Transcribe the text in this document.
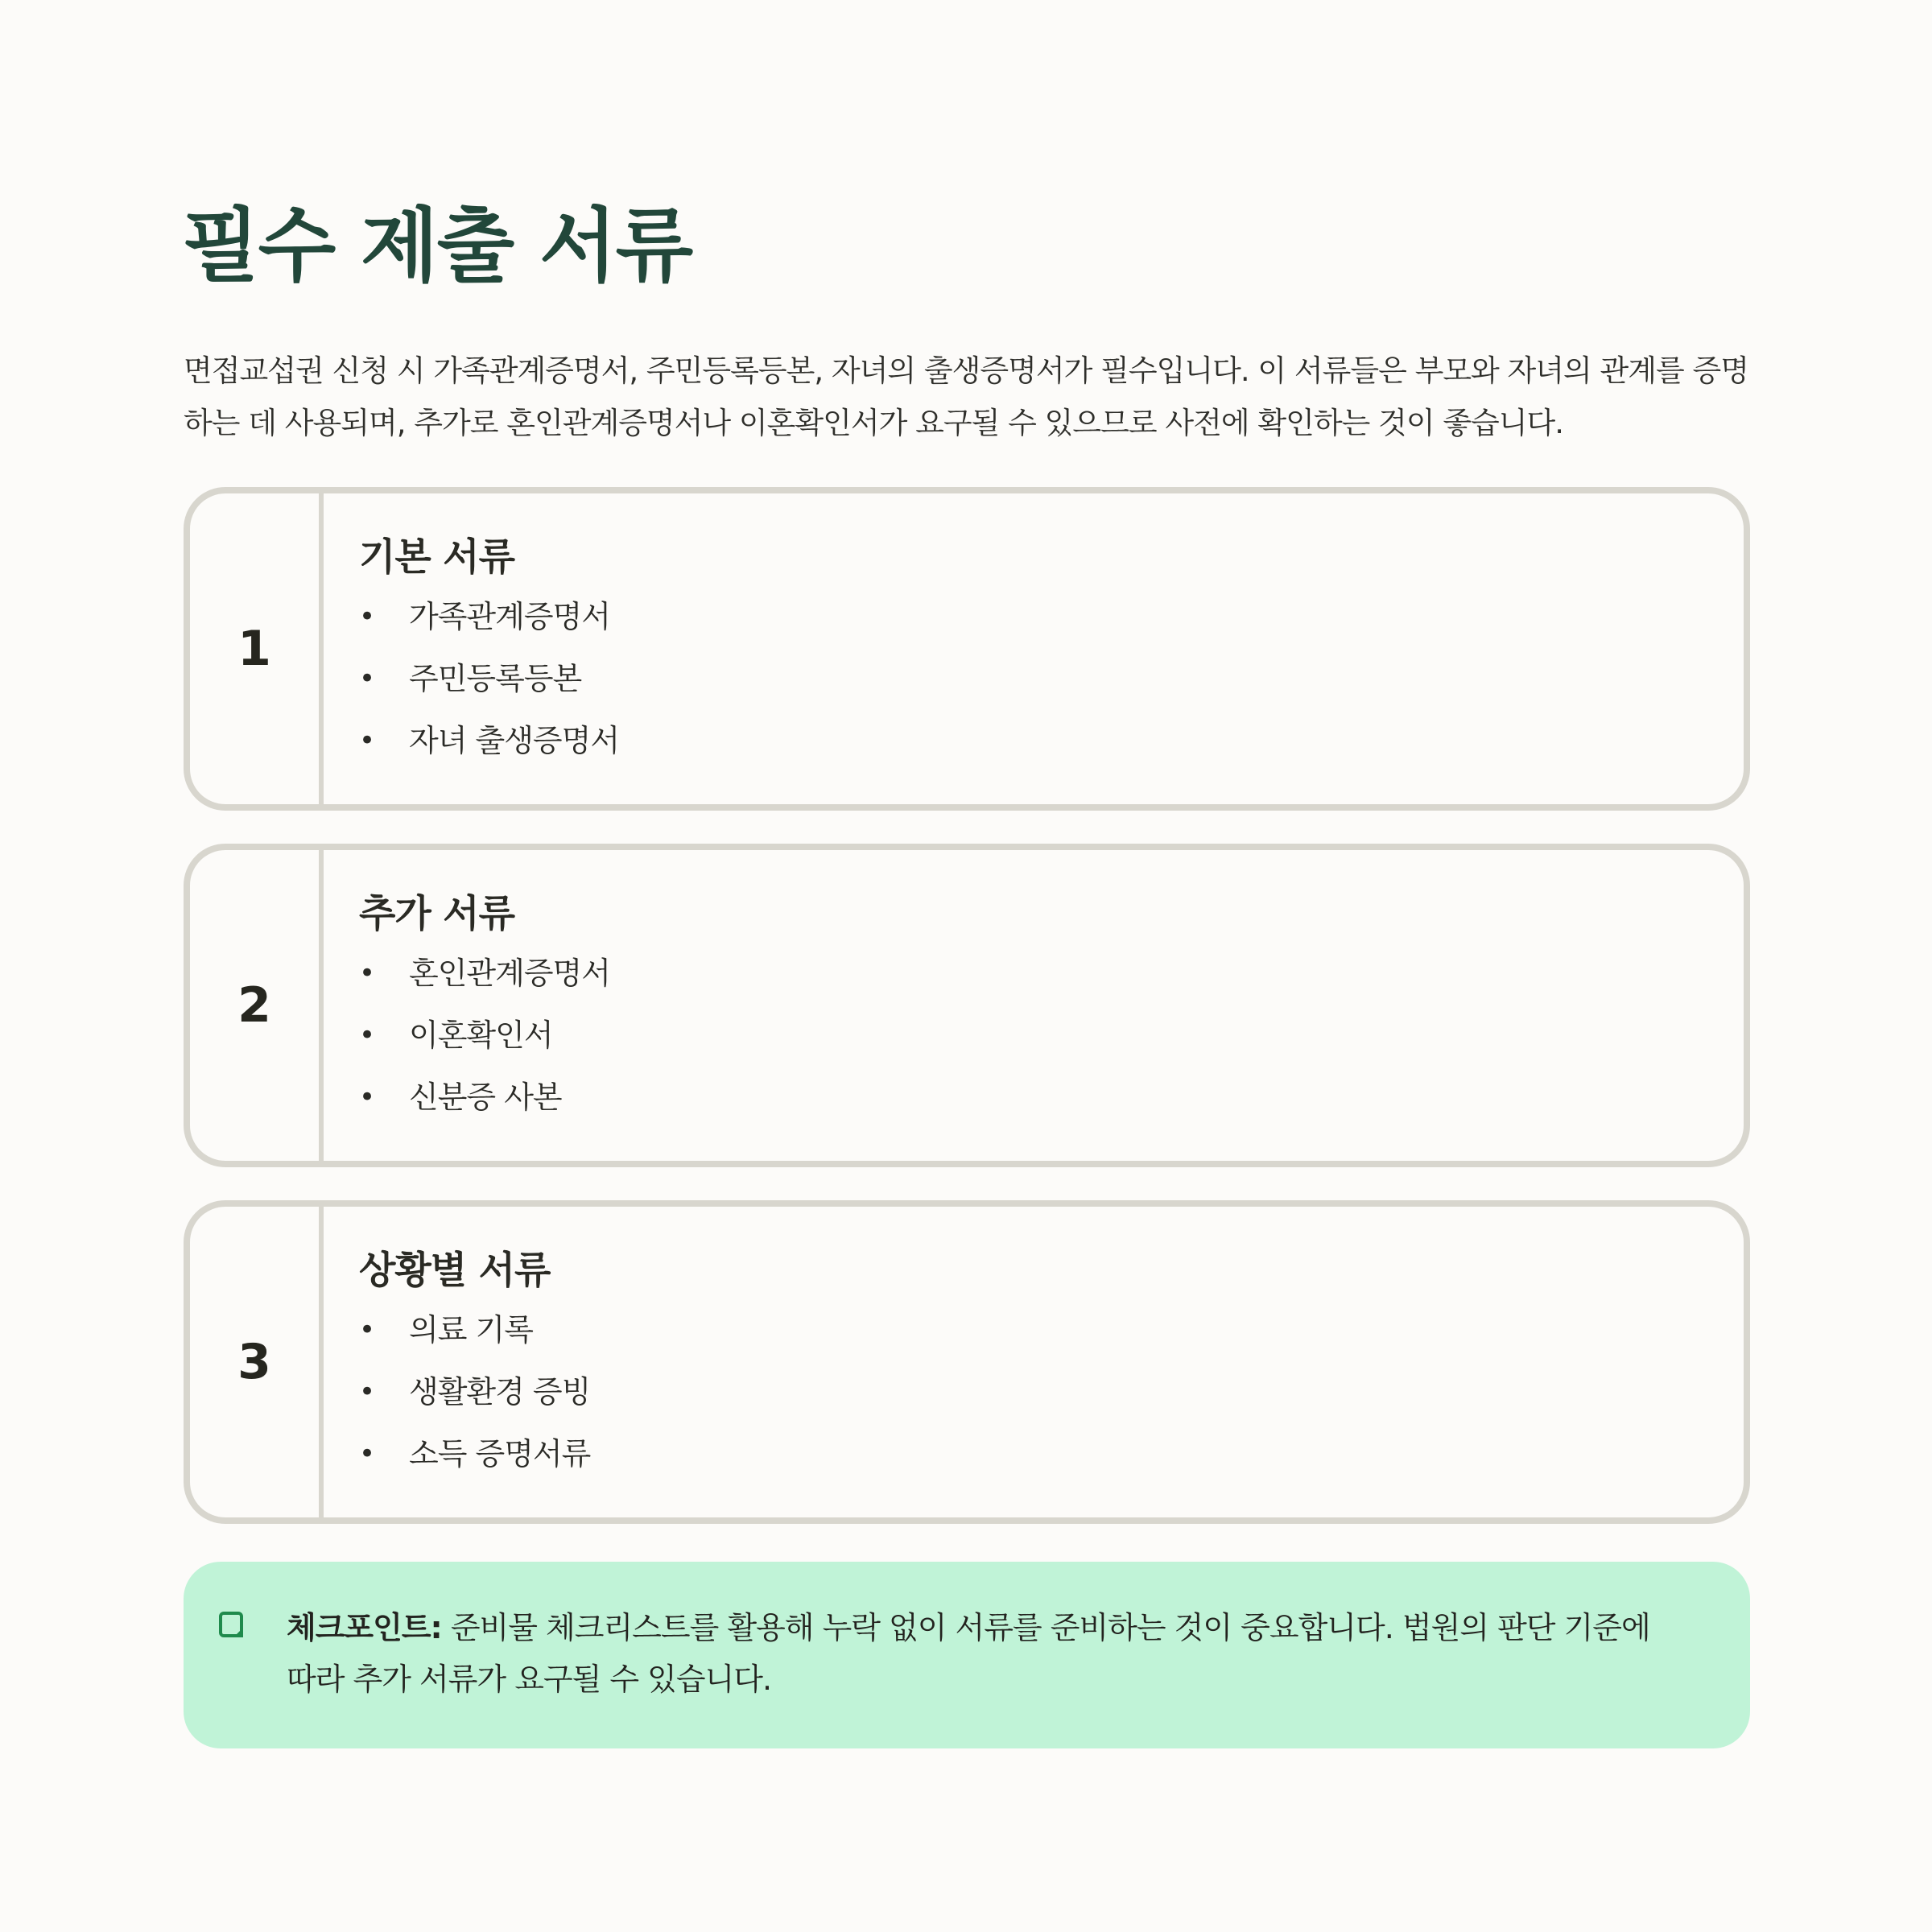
필수 제출 서류

면접교섭권 신청 시 가족관계증명서, 주민등록등본, 자녀의 출생증명서가 필수입니다. 이 서류들은 부모와 자녀의 관계를 증명하는 데 사용되며, 추가로 혼인관계증명서나 이혼확인서가 요구될 수 있으므로 사전에 확인하는 것이 좋습니다.

1
기본 서류
•	가족관계증명서
•	주민등록등본
•	자녀 출생증명서
2
추가 서류
•	혼인관계증명서
•	이혼확인서
•	신분증 사본
3
상황별 서류
•	의료 기록
•	생활환경 증빙
•	소득 증명서류
체크포인트: 준비물 체크리스트를 활용해 누락 없이 서류를 준비하는 것이 중요합니다. 법원의 판단 기준에 따라 추가 서류가 요구될 수 있습니다.
